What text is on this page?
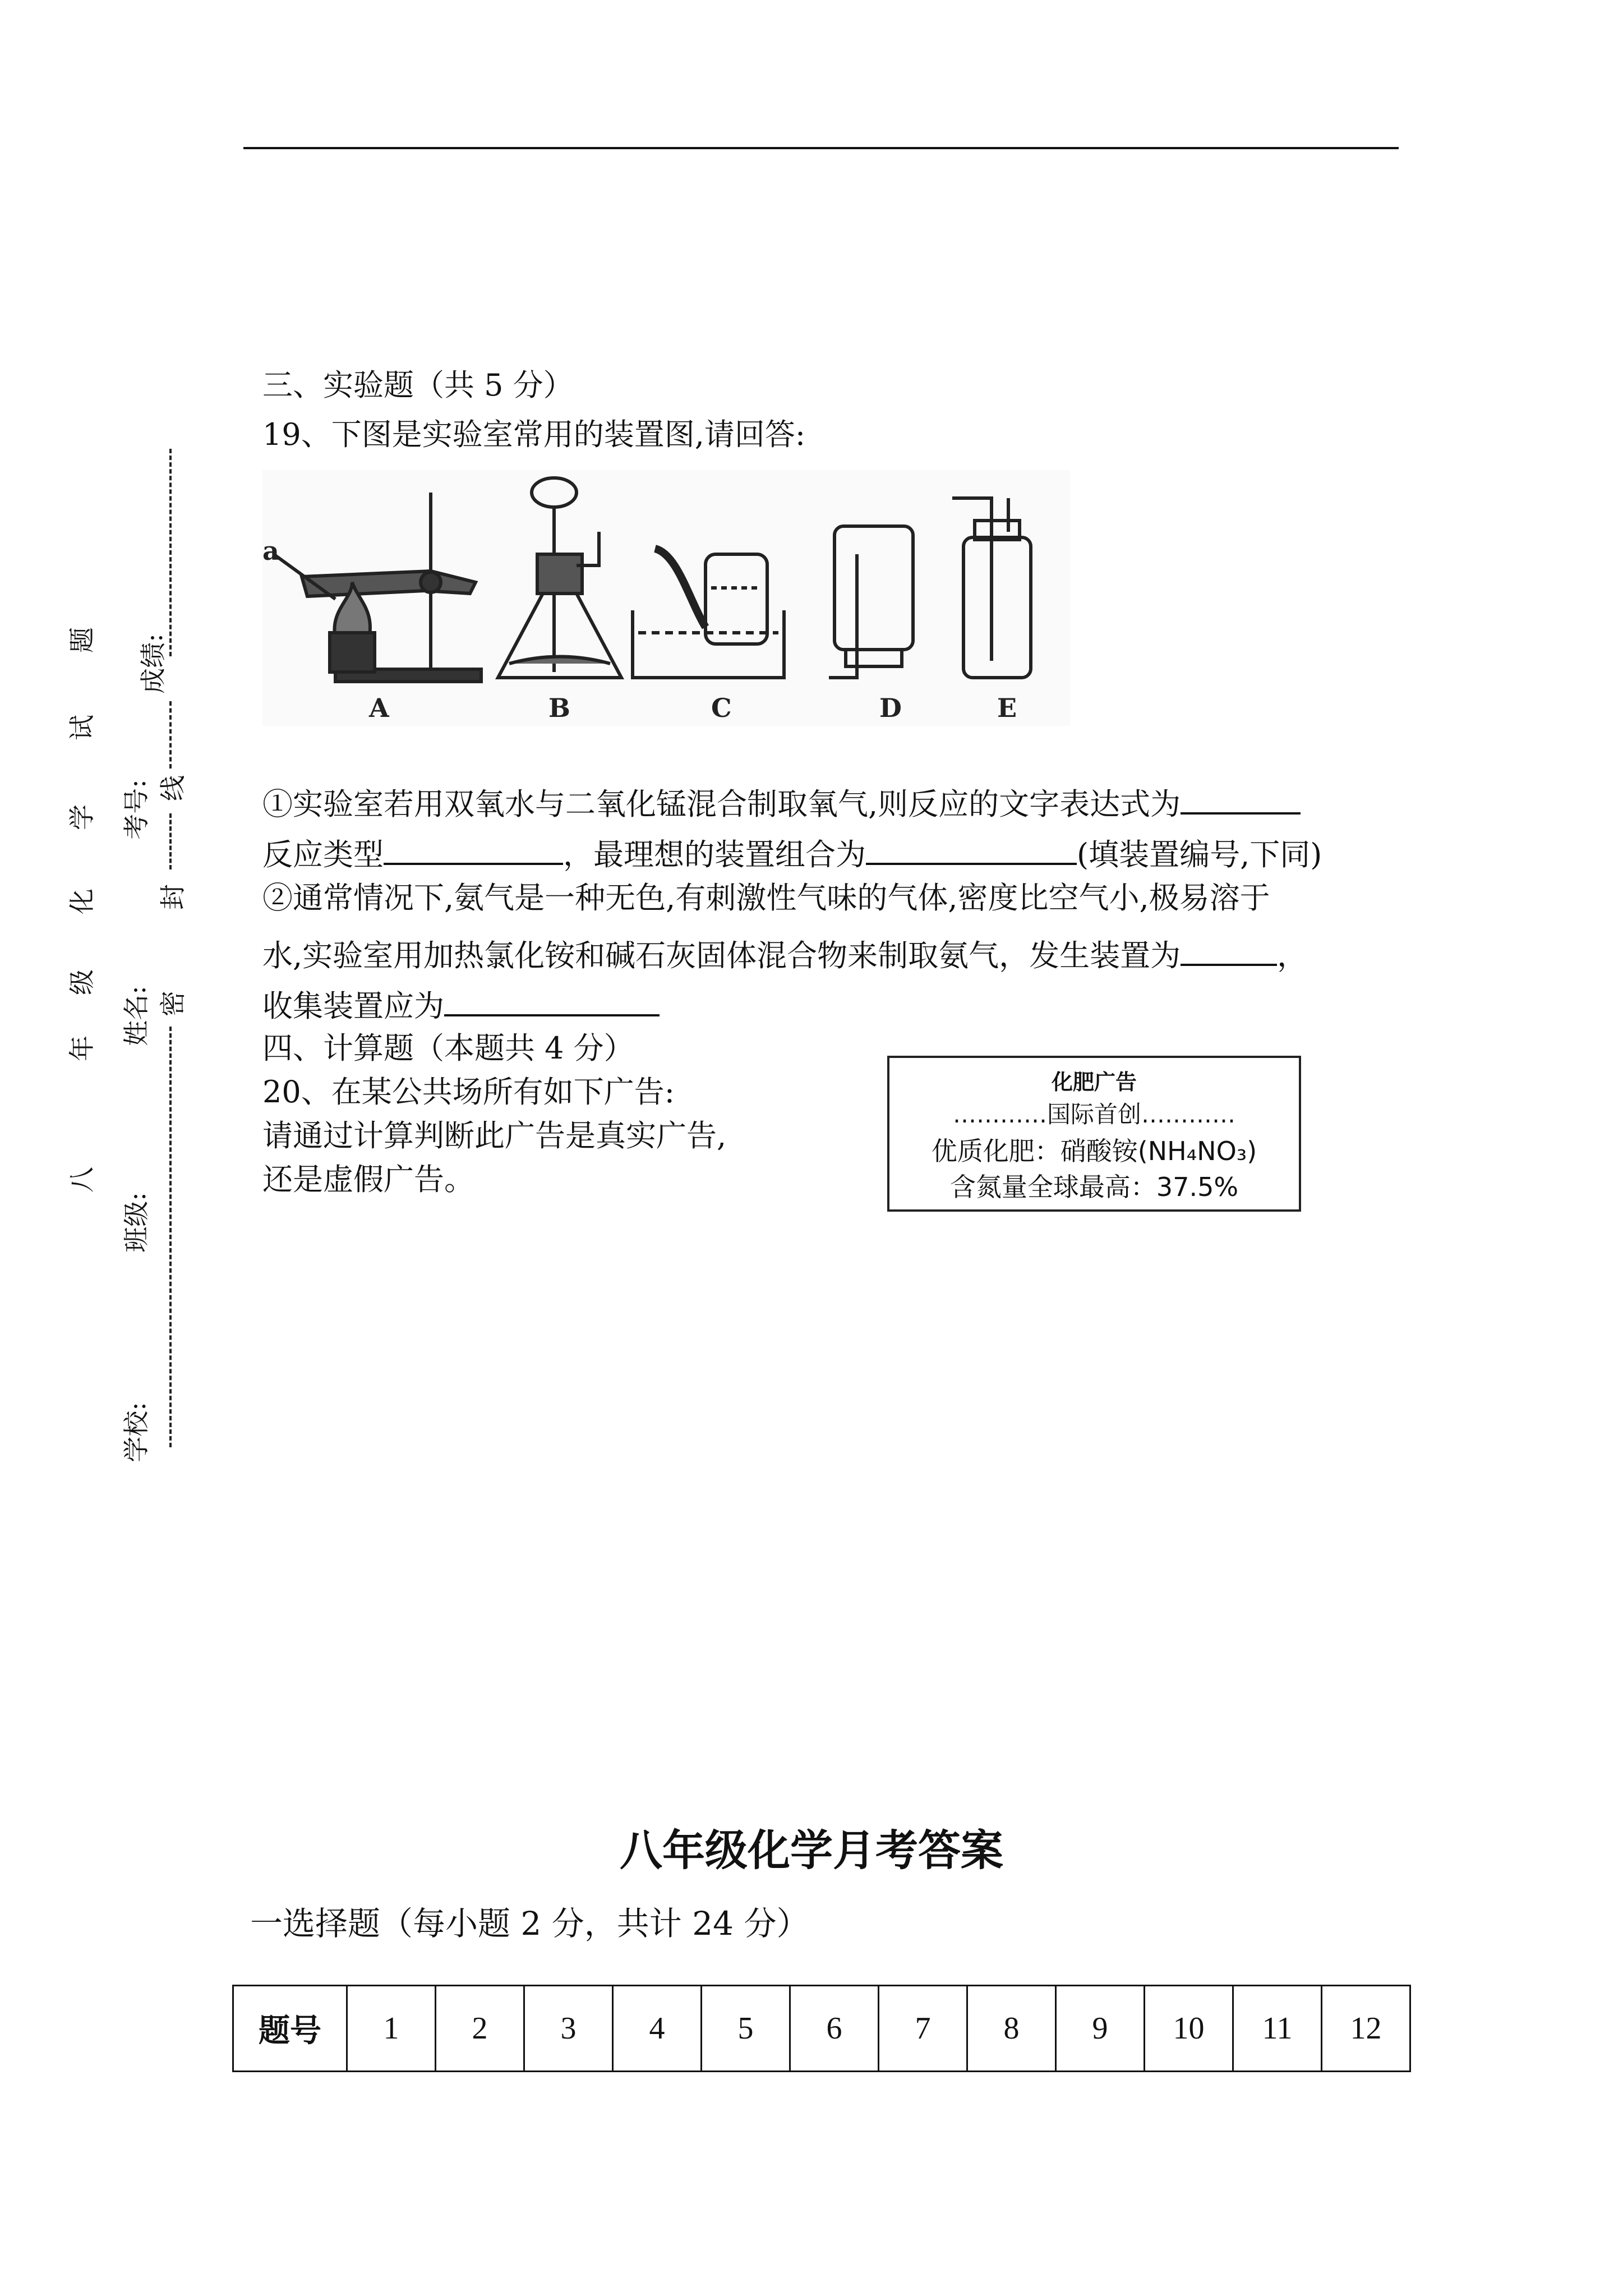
八
年
级
化
学
试
题
学校:
班级:
姓名:
考号:
成绩:
密
封
线
三、实验题（共 5 分）
19、下图是实验室常用的装置图,请回答:
a
A	B	C	D	E
①实验室若用双氧水与二氧化锰混合制取氧气,则反应的文字表达式为
反应类型	，最理想的装置组合为	(填装置编号,下同)
②通常情况下,氨气是一种无色,有刺激性气味的气体,密度比空气小,极易溶于
水,实验室用加热氯化铵和碱石灰固体混合物来制取氨气，发生装置为	，
收集装置应为
四、计算题（本题共 4 分）
20、在某公共场所有如下广告:
请通过计算判断此广告是真实广告,
还是虚假广告。
化肥广告
…………国际首创…………
优质化肥：硝酸铵(NH₄NO₃)
含氮量全球最高：37.5%
八年级化学月考答案
一选择题（每小题 2 分，共计 24 分）
题号	1	2	3	4	5	6	7	8	9	10	11	12
